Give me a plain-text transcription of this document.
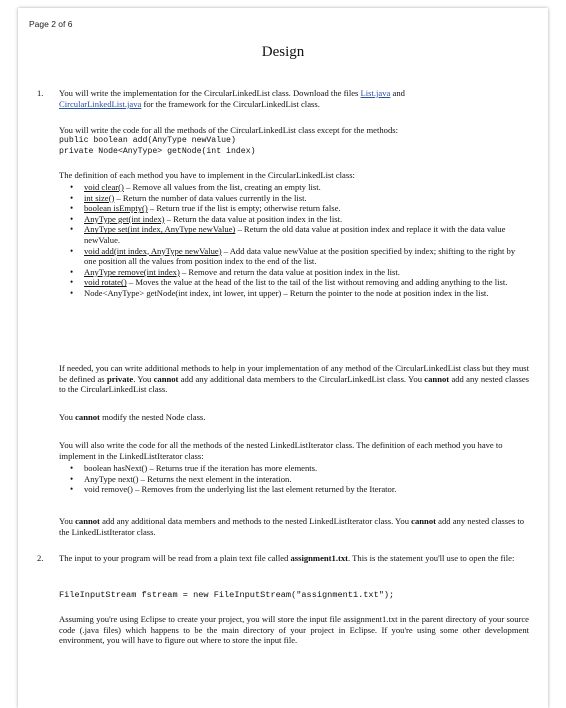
Page 2 of 6
Design
1. You will write the implementation for the CircularLinkedList class. Download the files List.java and
CircularLinkedList.java for the framework for the CircularLinkedList class.
You will write the code for all the methods of the CircularLinkedList class except for the methods:
public boolean add(AnyType newValue)
private Node<AnyType> getNode(int index)
The definition of each method you have to implement in the CircularLinkedList class:
• void clear() – Remove all values from the list, creating an empty list.
• int size() – Return the number of data values currently in the list.
• boolean isEmpty() – Return true if the list is empty; otherwise return false.
• AnyType get(int index) – Return the data value at position index in the list.
• AnyType set(int index, AnyType newValue) – Return the old data value at position index and replace it with the data value newValue.
• void add(int index, AnyType newValue) – Add data value newValue at the position specified by index; shifting to the right by one position all the values from position index to the end of the list.
• AnyType remove(int index) – Remove and return the data value at position index in the list.
• void rotate() – Moves the value at the head of the list to the tail of the list without removing and adding anything to the list.
• Node<AnyType> getNode(int index, int lower, int upper) – Return the pointer to the node at position index in the list.
If needed, you can write additional methods to help in your implementation of any method of the CircularLinkedList class but they must be defined as private. You cannot add any additional data members to the CircularLinkedList class. You cannot add any nested classes to the CircularLinkedList class.
You cannot modify the nested Node class.
You will also write the code for all the methods of the nested LinkedListIterator class. The definition of each method you have to implement in the LinkedListIterator class:
• boolean hasNext() – Returns true if the iteration has more elements.
• AnyType next() – Returns the next element in the interation.
• void remove() – Removes from the underlying list the last element returned by the Iterator.
You cannot add any additional data members and methods to the nested LinkedListIterator class. You cannot add any nested classes to the LinkedListIterator class.
2. The input to your program will be read from a plain text file called assignment1.txt. This is the statement you'll use to open the file:
FileInputStream fstream = new FileInputStream("assignment1.txt");
Assuming you're using Eclipse to create your project, you will store the input file assignment1.txt in the parent directory of your source code (.java files) which happens to be the main directory of your project in Eclipse. If you're using some other development environment, you will have to figure out where to store the input file.
